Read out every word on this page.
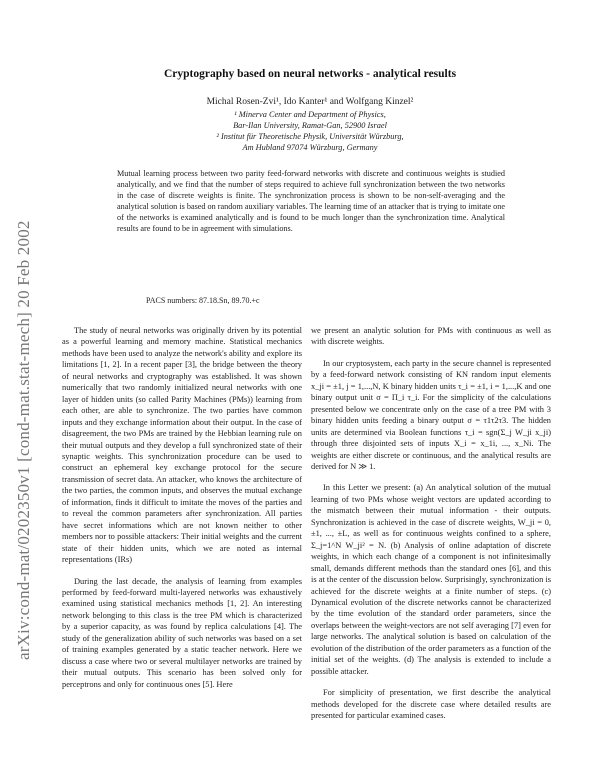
arXiv:cond-mat/0202350v1 [cond-mat.stat-mech] 20 Feb 2002
Cryptography based on neural networks - analytical results
Michal Rosen-Zvi¹, Ido Kanter¹ and Wolfgang Kinzel²
¹ Minerva Center and Department of Physics,
Bar-Ilan University, Ramat-Gan, 52900 Israel
² Institut für Theoretische Physik, Universität Würzburg,
Am Hubland 97074 Würzburg, Germany
Mutual learning process between two parity feed-forward networks with discrete and continuous weights is studied analytically, and we find that the number of steps required to achieve full synchronization between the two networks in the case of discrete weights is finite. The synchronization process is shown to be non-self-averaging and the analytical solution is based on random auxiliary variables. The learning time of an attacker that is trying to imitate one of the networks is examined analytically and is found to be much longer than the synchronization time. Analytical results are found to be in agreement with simulations.
PACS numbers: 87.18.Sn, 89.70.+c

The study of neural networks was originally driven by its potential as a powerful learning and memory machine. Statistical mechanics methods have been used to analyze the network's ability and explore its limitations [1, 2]. In a recent paper [3], the bridge between the theory of neural networks and cryptography was established. It was shown numerically that two randomly initialized neural networks with one layer of hidden units (so called Parity Machines (PMs)) learning from each other, are able to synchronize. The two parties have common inputs and they exchange information about their output. In the case of disagreement, the two PMs are trained by the Hebbian learning rule on their mutual outputs and they develop a full synchronized state of their synaptic weights. This synchronization procedure can be used to construct an ephemeral key exchange protocol for the secure transmission of secret data. An attacker, who knows the architecture of the two parties, the common inputs, and observes the mutual exchange of information, finds it difficult to imitate the moves of the parties and to reveal the common parameters after synchronization. All parties have secret informations which are not known neither to other members nor to possible attackers: Their initial weights and the current state of their hidden units, which we are noted as internal representations (IRs)

During the last decade, the analysis of learning from examples performed by feed-forward multi-layered networks was exhaustively examined using statistical mechanics methods [1, 2]. An interesting network belonging to this class is the tree PM which is characterized by a superior capacity, as was found by replica calculations [4]. The study of the generalization ability of such networks was based on a set of training examples generated by a static teacher network. Here we discuss a case where two or several multilayer networks are trained by their mutual outputs. This scenario has been solved only for perceptrons and only for continuous ones [5]. Here

we present an analytic solution for PMs with continuous as well as with discrete weights.

In our cryptosystem, each party in the secure channel is represented by a feed-forward network consisting of KN random input elements x_ji = ±1, j = 1,...,N, K binary hidden units τ_i = ±1, i = 1,...,K and one binary output unit σ = Π_i τ_i. For the simplicity of the calculations presented below we concentrate only on the case of a tree PM with 3 binary hidden units feeding a binary output σ = τ1τ2τ3. The hidden units are determined via Boolean functions τ_i = sgn(Σ_j W_ji x_ji) through three disjointed sets of inputs X_i = x_1i, ..., x_Ni. The weights are either discrete or continuous, and the analytical results are derived for N ≫ 1.

In this Letter we present: (a) An analytical solution of the mutual learning of two PMs whose weight vectors are updated according to the mismatch between their mutual information - their outputs. Synchronization is achieved in the case of discrete weights, W_ji = 0, ±1, ..., ±L, as well as for continuous weights confined to a sphere, Σ_j=1^N W_ji² = N. (b) Analysis of online adaptation of discrete weights, in which each change of a component is not infinitesimally small, demands different methods than the standard ones [6], and this is at the center of the discussion below. Surprisingly, synchronization is achieved for the discrete weights at a finite number of steps. (c) Dynamical evolution of the discrete networks cannot be characterized by the time evolution of the standard order parameters, since the overlaps between the weight-vectors are not self averaging [7] even for large networks. The analytical solution is based on calculation of the evolution of the distribution of the order parameters as a function of the initial set of the weights. (d) The analysis is extended to include a possible attacker.

For simplicity of presentation, we first describe the analytical methods developed for the discrete case where detailed results are presented for particular examined cases.
